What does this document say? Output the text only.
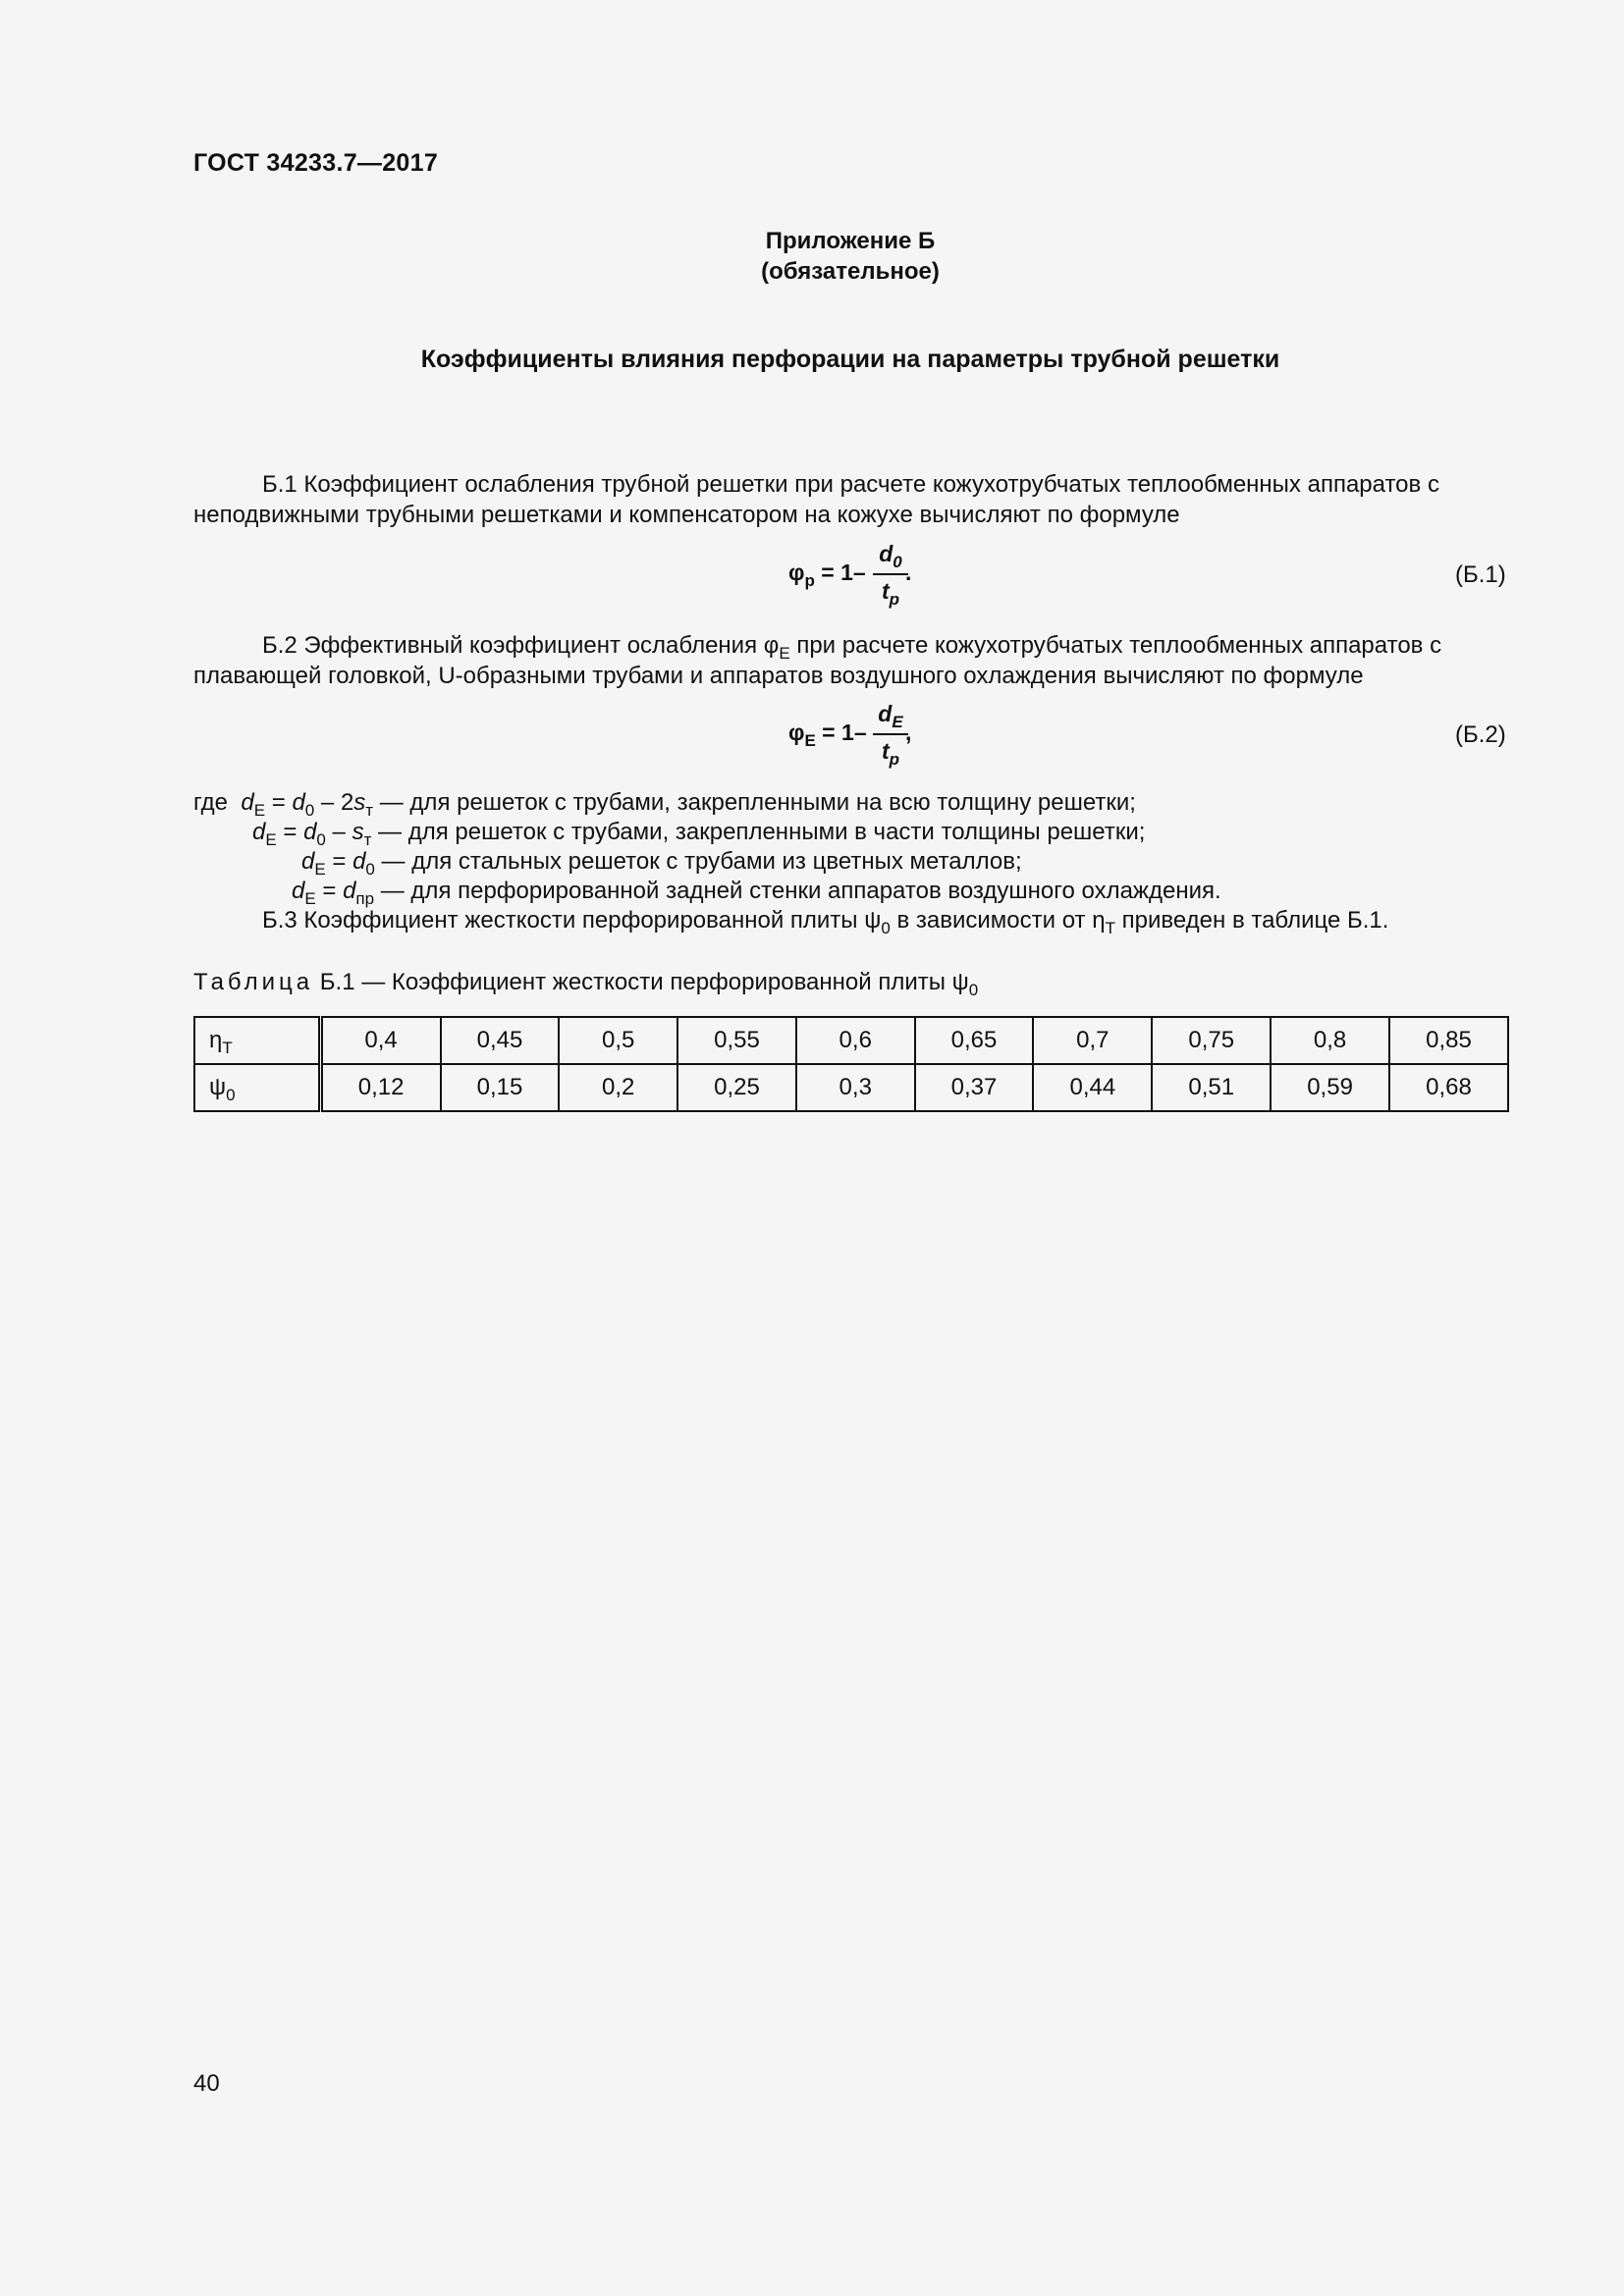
ГОСТ 34233.7—2017
Приложение Б
(обязательное)
Коэффициенты влияния перфорации на параметры трубной решетки
Б.1 Коэффициент ослабления трубной решетки при расчете кожухотрубчатых теплообменных аппаратов с
неподвижными трубными решетками и компенсатором на кожухе вычисляют по формуле
$\varphi_р = 1-$
$d_0$
$t_р$
.	(Б.1)
Б.2 Эффективный коэффициент ослабления $\varphi_E$ при расчете кожухотрубчатых теплообменных аппаратов с
плавающей головкой, U-образными трубами и аппаратов воздушного охлаждения вычисляют по формуле
$\varphi_E = 1-$
$d_E$
$t_р$
,	(Б.2)
где $d_E = d_0 - 2s_т$ — для решеток с трубами, закрепленными на всю толщину решетки;
$d_E = d_0 - s_т$ — для решеток с трубами, закрепленными в части толщины решетки;
$d_E = d_0$ — для стальных решеток с трубами из цветных металлов;
$d_E = d_{пр}$ — для перфорированной задней стенки аппаратов воздушного охлаждения.
Б.3 Коэффициент жесткости перфорированной плиты $\psi_0$ в зависимости от $\eta_T$ приведен в таблице Б.1.
Таблица Б.1 — Коэффициент жесткости перфорированной плиты $\psi_0$
$\eta_T$	0,4	0,45	0,5	0,55	0,6	0,65	0,7	0,75	0,8	0,85
$\psi_0$	0,12	0,15	0,2	0,25	0,3	0,37	0,44	0,51	0,59	0,68
40
